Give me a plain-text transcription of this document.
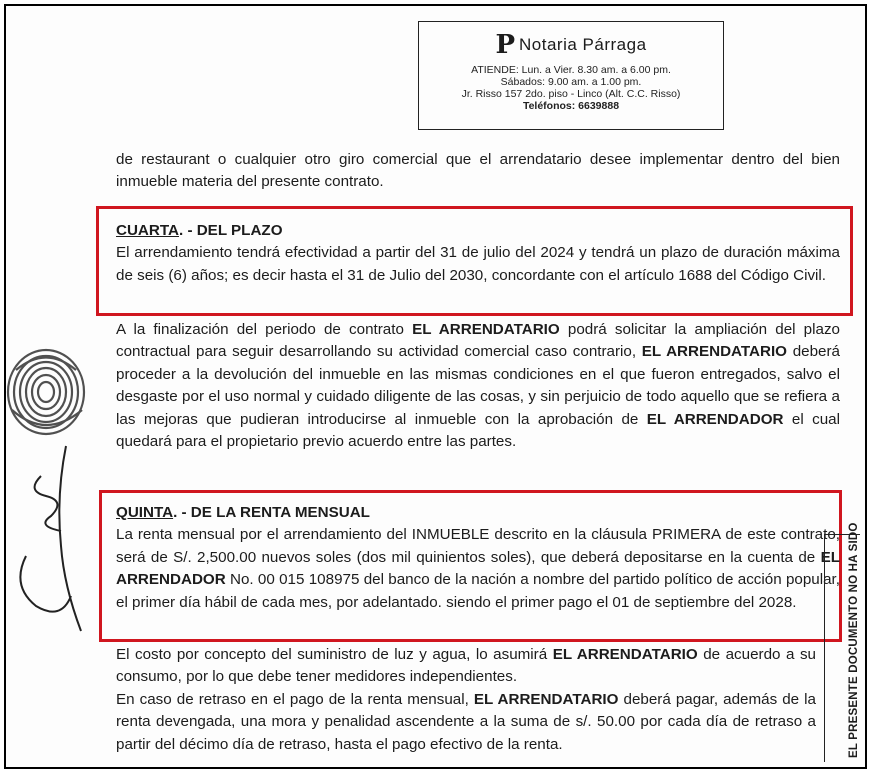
P Notaria Párraga
ATIENDE: Lun. a Vier. 8.30 am. a 6.00 pm.
Sábados: 9.00 am. a 1.00 pm.
Jr. Risso 157 2do. piso - Linco (Alt. C.C. Risso)
Teléfonos: 6639888

de restaurant o cualquier otro giro comercial que el arrendatario desee implementar dentro del bien inmueble materia del presente contrato.

CUARTA. - DEL PLAZO
El arrendamiento tendrá efectividad a partir del 31 de julio del 2024 y tendrá un plazo de duración máxima de seis (6) años; es decir hasta el 31 de Julio del 2030, concordante con el artículo 1688 del Código Civil.

A la finalización del periodo de contrato EL ARRENDATARIO podrá solicitar la ampliación del plazo contractual para seguir desarrollando su actividad comercial caso contrario, EL ARRENDATARIO deberá proceder a la devolución del inmueble en las mismas condiciones en el que fueron entregados, salvo el desgaste por el uso normal y cuidado diligente de las cosas, y sin perjuicio de todo aquello que se refiera a las mejoras que pudieran introducirse al inmueble con la aprobación de EL ARRENDADOR el cual quedará para el propietario previo acuerdo entre las partes.

QUINTA. - DE LA RENTA MENSUAL
La renta mensual por el arrendamiento del INMUEBLE descrito en la cláusula PRIMERA de este contrato, será de S/. 2,500.00 nuevos soles (dos mil quinientos soles), que deberá depositarse en la cuenta de EL ARRENDADOR No. 00 015 108975 del banco de la nación a nombre del partido político de acción popular, el primer día hábil de cada mes, por adelantado. siendo el primer pago el 01 de septiembre del 2028.

El costo por concepto del suministro de luz y agua, lo asumirá EL ARRENDATARIO de acuerdo a su consumo, por lo que debe tener medidores independientes.

En caso de retraso en el pago de la renta mensual, EL ARRENDATARIO deberá pagar, además de la renta devengada, una mora y penalidad ascendente a la suma de s/. 50.00 por cada día de retraso a partir del décimo día de retraso, hasta el pago efectivo de la renta.	EL PRESENTE DOCUMENTO NO HA SIDO
